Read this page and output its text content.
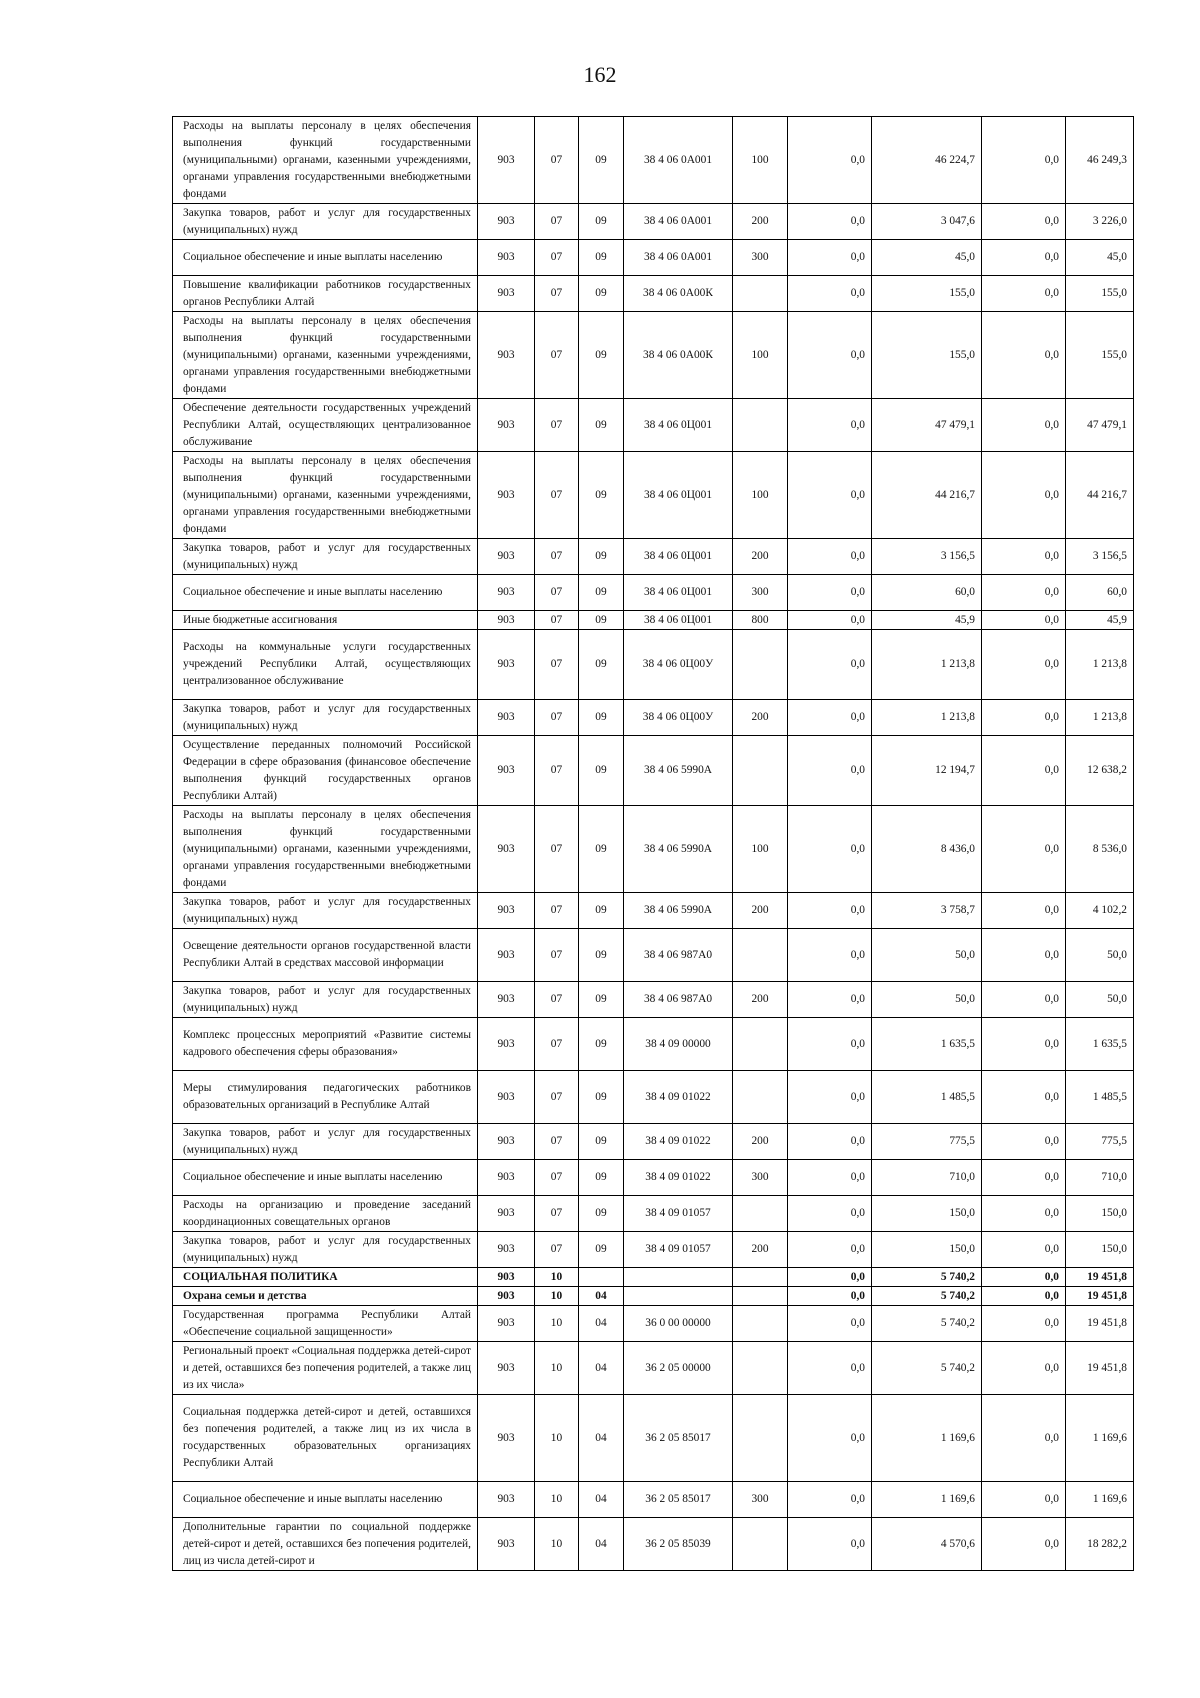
162
Расходы на выплаты персоналу в целях обеспечения выполнения функций государственными (муниципальными) органами, казенными учреждениями, органами управления государственными внебюджетными фондами	903	07	09	38 4 06 0А001	100	0,0	46 224,7	0,0	46 249,3
Закупка товаров, работ и услуг для государственных (муниципальных) нужд	903	07	09	38 4 06 0А001	200	0,0	3 047,6	0,0	3 226,0
Социальное обеспечение и иные выплаты населению	903	07	09	38 4 06 0А001	300	0,0	45,0	0,0	45,0
Повышение квалификации работников государственных органов Республики Алтай	903	07	09	38 4 06 0А00К		0,0	155,0	0,0	155,0
Расходы на выплаты персоналу в целях обеспечения выполнения функций государственными (муниципальными) органами, казенными учреждениями, органами управления государственными внебюджетными фондами	903	07	09	38 4 06 0А00К	100	0,0	155,0	0,0	155,0
Обеспечение деятельности государственных учреждений Республики Алтай, осуществляющих централизованное обслуживание	903	07	09	38 4 06 0Ц001		0,0	47 479,1	0,0	47 479,1
Расходы на выплаты персоналу в целях обеспечения выполнения функций государственными (муниципальными) органами, казенными учреждениями, органами управления государственными внебюджетными фондами	903	07	09	38 4 06 0Ц001	100	0,0	44 216,7	0,0	44 216,7
Закупка товаров, работ и услуг для государственных (муниципальных) нужд	903	07	09	38 4 06 0Ц001	200	0,0	3 156,5	0,0	3 156,5
Социальное обеспечение и иные выплаты населению	903	07	09	38 4 06 0Ц001	300	0,0	60,0	0,0	60,0
Иные бюджетные ассигнования	903	07	09	38 4 06 0Ц001	800	0,0	45,9	0,0	45,9
Расходы на коммунальные услуги государственных учреждений Республики Алтай, осуществляющих централизованное обслуживание	903	07	09	38 4 06 0Ц00У		0,0	1 213,8	0,0	1 213,8
Закупка товаров, работ и услуг для государственных (муниципальных) нужд	903	07	09	38 4 06 0Ц00У	200	0,0	1 213,8	0,0	1 213,8
Осуществление переданных полномочий Российской Федерации в сфере образования (финансовое обеспечение выполнения функций государственных органов Республики Алтай)	903	07	09	38 4 06 5990А		0,0	12 194,7	0,0	12 638,2
Расходы на выплаты персоналу в целях обеспечения выполнения функций государственными (муниципальными) органами, казенными учреждениями, органами управления государственными внебюджетными фондами	903	07	09	38 4 06 5990А	100	0,0	8 436,0	0,0	8 536,0
Закупка товаров, работ и услуг для государственных (муниципальных) нужд	903	07	09	38 4 06 5990А	200	0,0	3 758,7	0,0	4 102,2
Освещение деятельности органов государственной власти Республики Алтай в средствах массовой информации	903	07	09	38 4 06 987А0		0,0	50,0	0,0	50,0
Закупка товаров, работ и услуг для государственных (муниципальных) нужд	903	07	09	38 4 06 987А0	200	0,0	50,0	0,0	50,0
Комплекс процессных мероприятий «Развитие системы кадрового обеспечения сферы образования»	903	07	09	38 4 09 00000		0,0	1 635,5	0,0	1 635,5
Меры стимулирования педагогических работников образовательных организаций в Республике Алтай	903	07	09	38 4 09 01022		0,0	1 485,5	0,0	1 485,5
Закупка товаров, работ и услуг для государственных (муниципальных) нужд	903	07	09	38 4 09 01022	200	0,0	775,5	0,0	775,5
Социальное обеспечение и иные выплаты населению	903	07	09	38 4 09 01022	300	0,0	710,0	0,0	710,0
Расходы на организацию и проведение заседаний координационных совещательных органов	903	07	09	38 4 09 01057		0,0	150,0	0,0	150,0
Закупка товаров, работ и услуг для государственных (муниципальных) нужд	903	07	09	38 4 09 01057	200	0,0	150,0	0,0	150,0
СОЦИАЛЬНАЯ ПОЛИТИКА	903	10				0,0	5 740,2	0,0	19 451,8
Охрана семьи и детства	903	10	04			0,0	5 740,2	0,0	19 451,8
Государственная программа Республики Алтай «Обеспечение социальной защищенности»	903	10	04	36 0 00 00000		0,0	5 740,2	0,0	19 451,8
Региональный проект «Социальная поддержка детей-сирот и детей, оставшихся без попечения родителей, а также лиц из их числа»	903	10	04	36 2 05 00000		0,0	5 740,2	0,0	19 451,8
Социальная поддержка детей-сирот и детей, оставшихся без попечения родителей, а также лиц из их числа в государственных образовательных организациях Республики Алтай	903	10	04	36 2 05 85017		0,0	1 169,6	0,0	1 169,6
Социальное обеспечение и иные выплаты населению	903	10	04	36 2 05 85017	300	0,0	1 169,6	0,0	1 169,6
Дополнительные гарантии по социальной поддержке детей-сирот и детей, оставшихся без попечения родителей, лиц из числа детей-сирот и	903	10	04	36 2 05 85039		0,0	4 570,6	0,0	18 282,2
